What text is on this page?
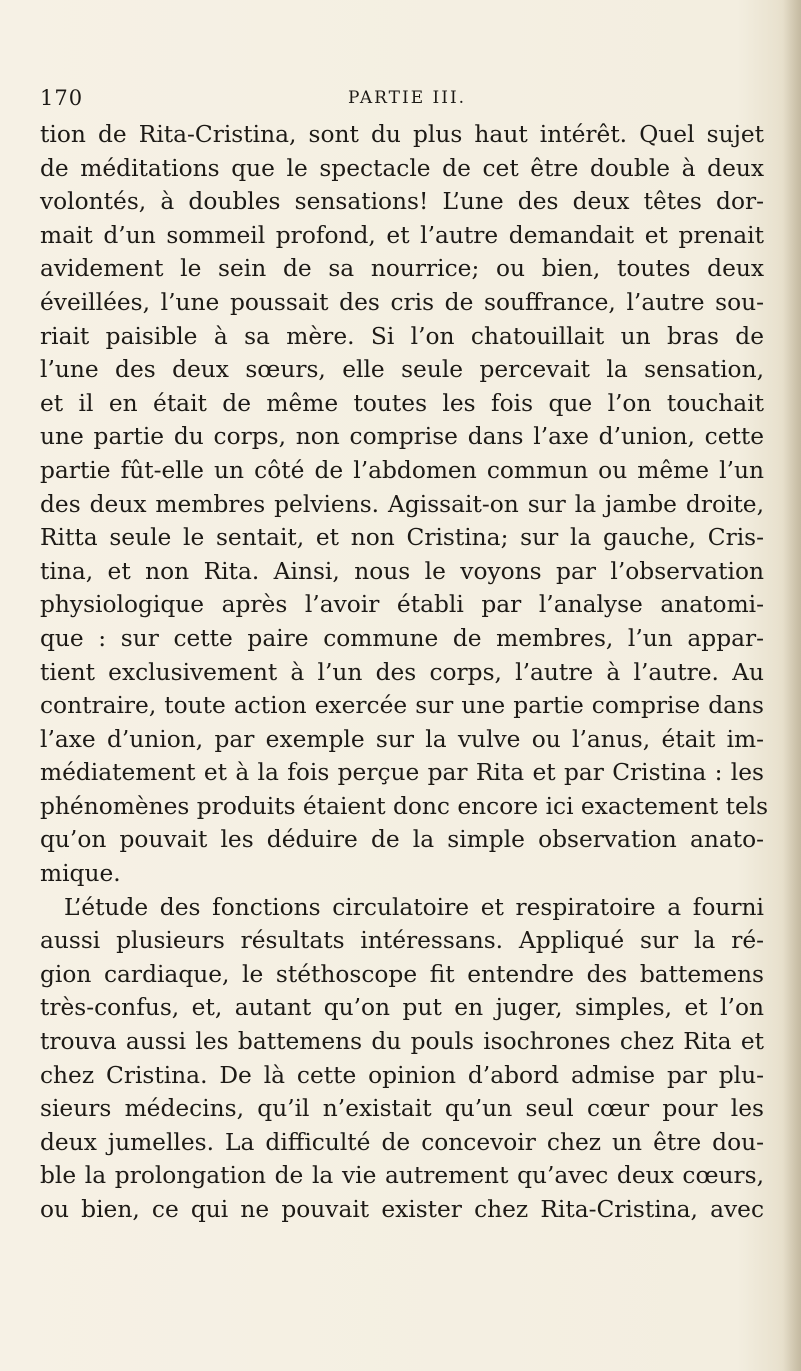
170	PARTIE III.
tion de Rita-Cristina, sont du plus haut intérêt. Quel sujet
de méditations que le spectacle de cet être double à deux
volontés, à doubles sensations! L’une des deux têtes dor-
mait d’un sommeil profond, et l’autre demandait et prenait
avidement le sein de sa nourrice; ou bien, toutes deux
éveillées, l’une poussait des cris de souffrance, l’autre sou-
riait paisible à sa mère. Si l’on chatouillait un bras de
l’une des deux sœurs, elle seule percevait la sensation,
et il en était de même toutes les fois que l’on touchait
une partie du corps, non comprise dans l’axe d’union, cette
partie fût-elle un côté de l’abdomen commun ou même l’un
des deux membres pelviens. Agissait-on sur la jambe droite,
Ritta seule le sentait, et non Cristina; sur la gauche, Cris-
tina, et non Rita. Ainsi, nous le voyons par l’observation
physiologique après l’avoir établi par l’analyse anatomi-
que : sur cette paire commune de membres, l’un appar-
tient exclusivement à l’un des corps, l’autre à l’autre. Au
contraire, toute action exercée sur une partie comprise dans
l’axe d’union, par exemple sur la vulve ou l’anus, était im-
médiatement et à la fois perçue par Rita et par Cristina : les
phénomènes produits étaient donc encore ici exactement tels
qu’on pouvait les déduire de la simple observation anato-
mique.
L’étude des fonctions circulatoire et respiratoire a fourni
aussi plusieurs résultats intéressans. Appliqué sur la ré-
gion cardiaque, le stéthoscope fit entendre des battemens
très-confus, et, autant qu’on put en juger, simples, et l’on
trouva aussi les battemens du pouls isochrones chez Rita et
chez Cristina. De là cette opinion d’abord admise par plu-
sieurs médecins, qu’il n’existait qu’un seul cœur pour les
deux jumelles. La difficulté de concevoir chez un être dou-
ble la prolongation de la vie autrement qu’avec deux cœurs,
ou bien, ce qui ne pouvait exister chez Rita-Cristina, avec
